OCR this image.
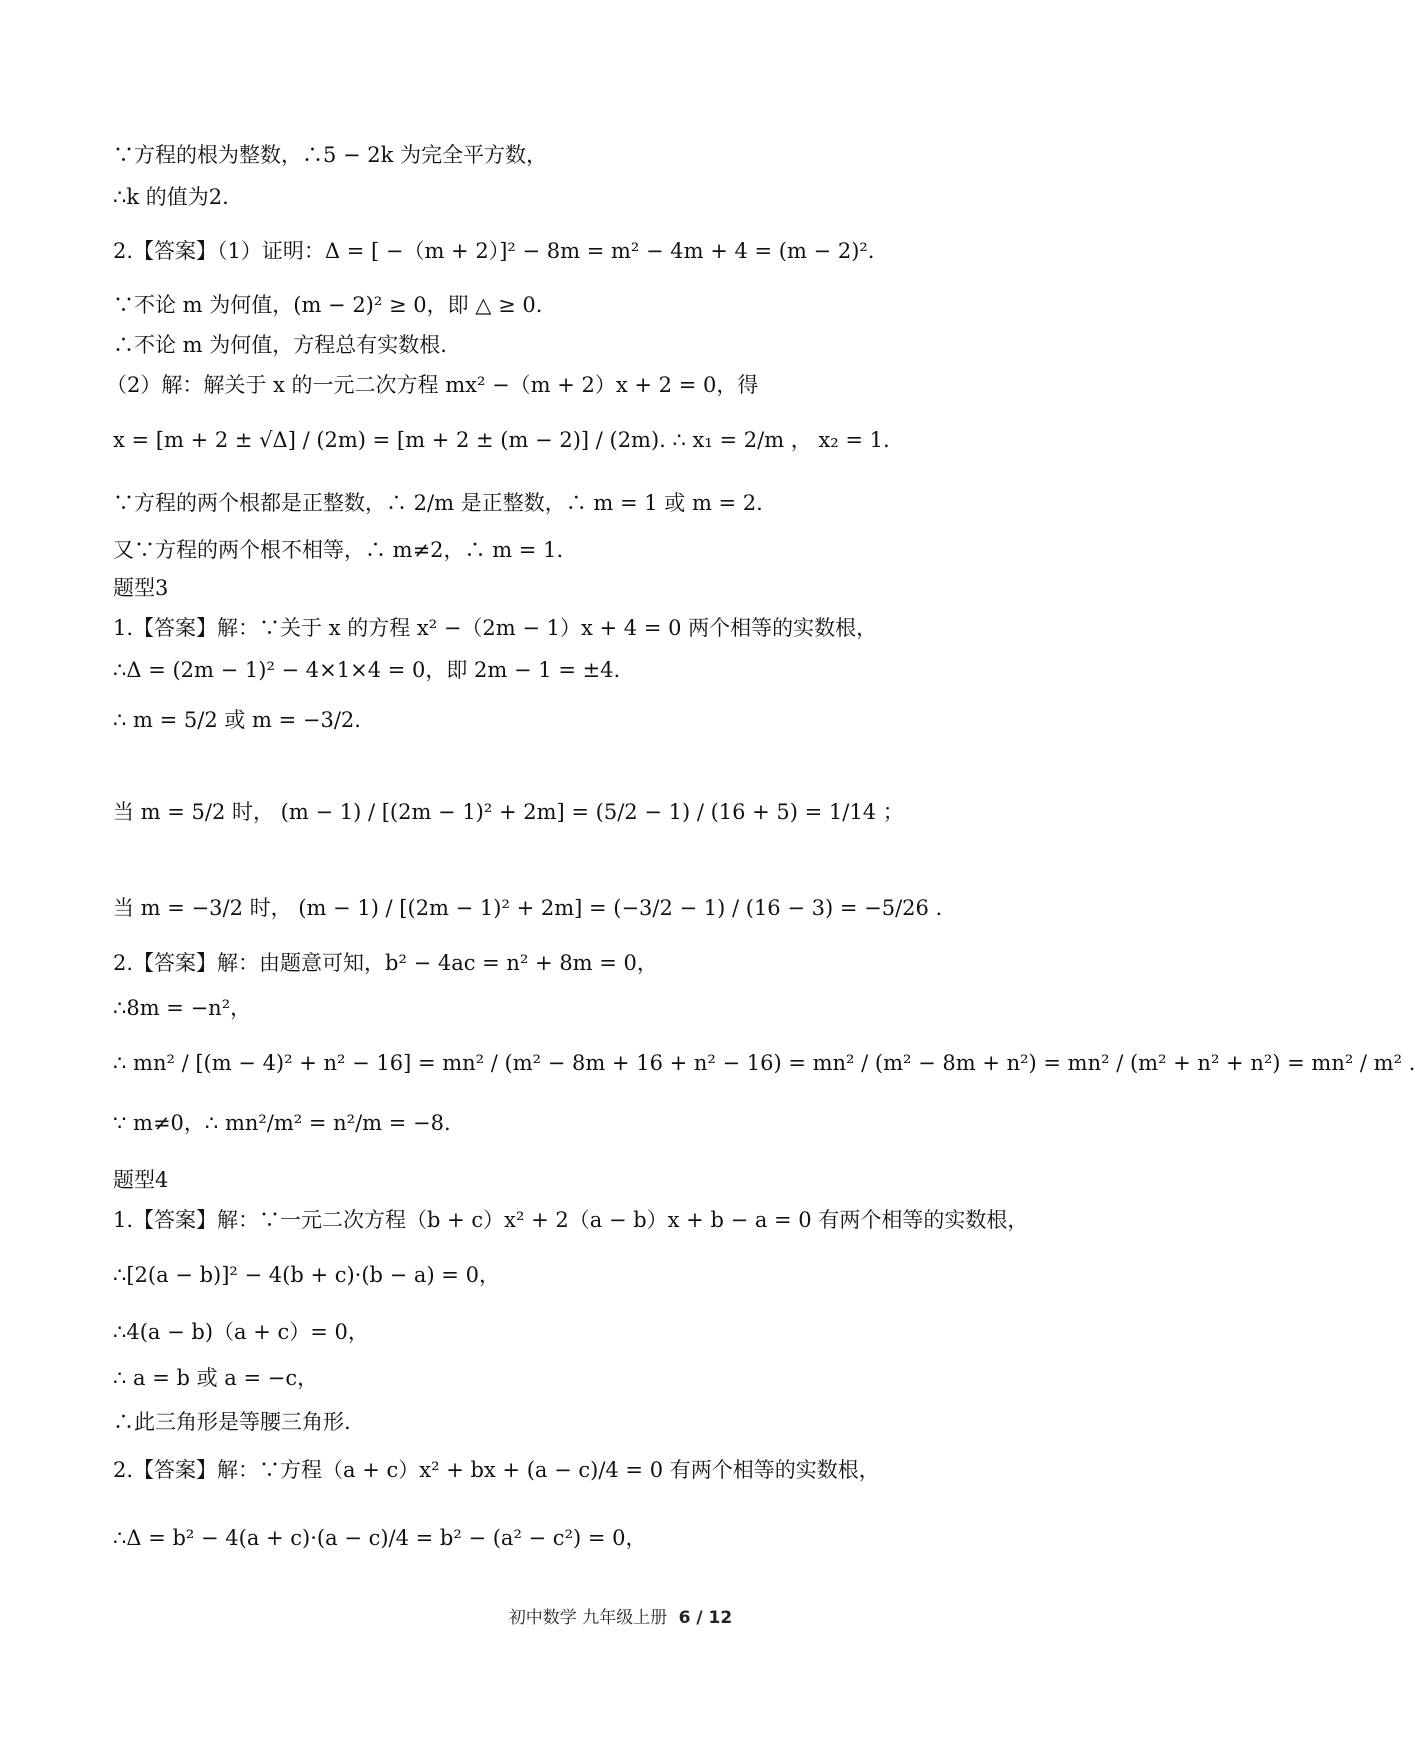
∵方程的根为整数，∴5 − 2k 为完全平方数，
∴k 的值为2.
2.【答案】（1）证明：Δ = [ −（m + 2）]² − 8m = m² − 4m + 4 = (m − 2)².
∵不论 m 为何值，(m − 2)² ≥ 0，即 △ ≥ 0.
∴不论 m 为何值，方程总有实数根.
（2）解：解关于 x 的一元二次方程 mx² −（m + 2）x + 2 = 0，得
x = [m + 2 ± √Δ] / (2m) = [m + 2 ± (m − 2)] / (2m). ∴ x₁ = 2/m ， x₂ = 1.
∵方程的两个根都是正整数，∴ 2/m 是正整数，∴ m = 1 或 m = 2.
又∵方程的两个根不相等，∴ m≠2，∴ m = 1.
题型3
1.【答案】解：∵关于 x 的方程 x² −（2m − 1）x + 4 = 0 两个相等的实数根，
∴Δ = (2m − 1)² − 4×1×4 = 0，即 2m − 1 = ±4.
∴ m = 5/2 或 m = −3/2.
当 m = 5/2 时， (m − 1) / [(2m − 1)² + 2m] = (5/2 − 1) / (16 + 5) = 1/14 ；
当 m = −3/2 时， (m − 1) / [(2m − 1)² + 2m] = (−3/2 − 1) / (16 − 3) = −5/26 .
2.【答案】解：由题意可知，b² − 4ac = n² + 8m = 0，
∴8m = −n²，
∴ mn² / [(m − 4)² + n² − 16] = mn² / (m² − 8m + 16 + n² − 16) = mn² / (m² − 8m + n²) = mn² / (m² + n² + n²) = mn² / m² .
∵ m≠0，∴ mn²/m² = n²/m = −8.
题型4
1.【答案】解：∵一元二次方程（b + c）x² + 2（a − b）x + b − a = 0 有两个相等的实数根，
∴[2(a − b)]² − 4(b + c)·(b − a) = 0，
∴4(a − b)（a + c）= 0，
∴ a = b 或 a = −c，
∴此三角形是等腰三角形.
2.【答案】解：∵方程（a + c）x² + bx + (a − c)/4 = 0 有两个相等的实数根，
∴Δ = b² − 4(a + c)·(a − c)/4 = b² − (a² − c²) = 0，
初中数学 九年级上册 6 / 12
